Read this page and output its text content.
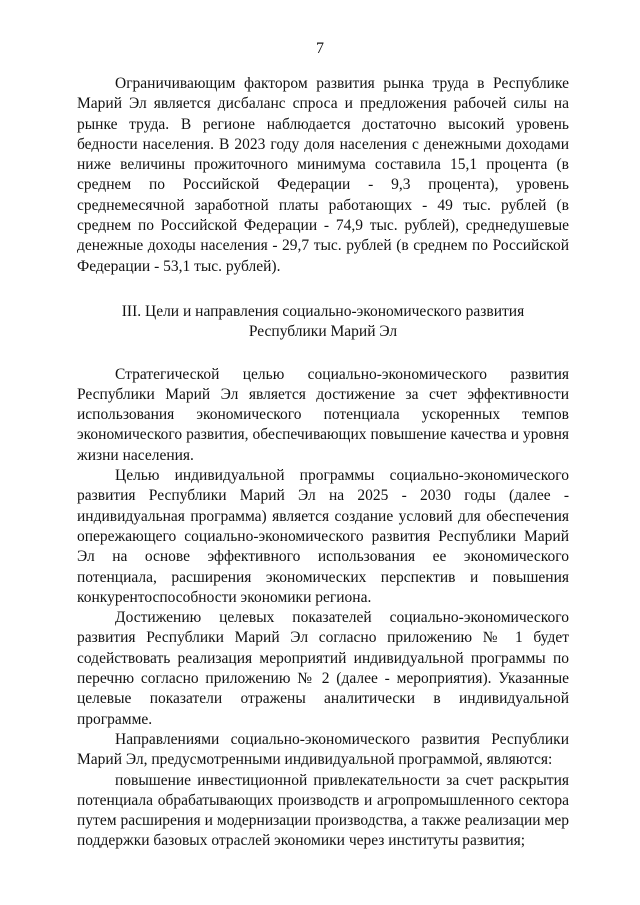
7

Ограничивающим фактором развития рынка труда в Республике Марий Эл является дисбаланс спроса и предложения рабочей силы на рынке труда. В регионе наблюдается достаточно высокий уровень бедности населения. В 2023 году доля населения с денежными доходами ниже величины прожиточного минимума составила 15,1 процента (в среднем по Российской Федерации - 9,3 процента), уровень среднемесячной заработной платы работающих - 49 тыс. рублей (в среднем по Российской Федерации - 74,9 тыс. рублей), среднедушевые денежные доходы населения - 29,7 тыс. рублей (в среднем по Российской Федерации - 53,1 тыс. рублей).

III. Цели и направления социально-экономического развития
Республики Марий Эл

Стратегической целью социально-экономического развития Республики Марий Эл является достижение за счет эффективности использования экономического потенциала ускоренных темпов экономического развития, обеспечивающих повышение качества и уровня жизни населения.

Целью индивидуальной программы социально-экономического развития Республики Марий Эл на 2025 - 2030 годы (далее - индивидуальная программа) является создание условий для обеспечения опережающего социально-экономического развития Республики Марий Эл на основе эффективного использования ее экономического потенциала, расширения экономических перспектив и повышения конкурентоспособности экономики региона.

Достижению целевых показателей социально-экономического развития Республики Марий Эл согласно приложению № 1 будет содействовать реализация мероприятий индивидуальной программы по перечню согласно приложению № 2 (далее - мероприятия). Указанные целевые показатели отражены аналитически в индивидуальной программе.

Направлениями социально-экономического развития Республики Марий Эл, предусмотренными индивидуальной программой, являются:

повышение инвестиционной привлекательности за счет раскрытия потенциала обрабатывающих производств и агропромышленного сектора путем расширения и модернизации производства, а также реализации мер поддержки базовых отраслей экономики через институты развития;
